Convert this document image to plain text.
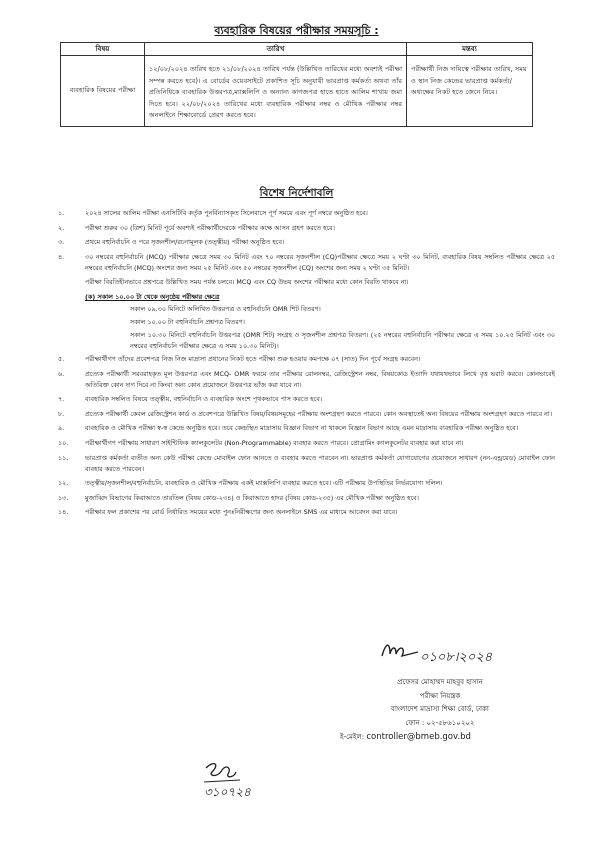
ব্যবহারিক বিষয়ের পরীক্ষার সময়সূচি :
বিষয়	তারিখ	মন্তব্য
ব্যবহারিক বিষয়ের পরীক্ষা	১২/০৮/২০২৪ তারিখ হতে ২১/০৮/২০২৪ তারিখ পর্যন্ত (উল্লিখিত তারিখের মধ্যে অবশ্যই পরীক্ষা সম্পন্ন করতে হবে)। এ বোর্ডের ওয়েবসাইটে প্রকাশিত সূচি অনুযায়ী ভারপ্রাপ্ত কর্মকর্তা অথবা তাঁর প্রতিনিধিকে ব্যবহারিক উত্তরপত্র,ম্যাক্সলিপি ও অন্যান্য কাগজপত্র হাতে হাতে আলিম শাখায় জমা দিতে হবে। ২২/০৮/২০২৪ তারিখের মধ্যে ব্যবহারিক পরীক্ষার নম্বর ও মৌখিক পরীক্ষার নম্বর অনলাইনে শিক্ষাবোর্ডে প্রেরণ করতে হবে।	পরীক্ষার্থী নিজ দায়িত্বে পরীক্ষার তারিখ, সময় ও স্থান নিজ কেন্দ্রের ভারপ্রাপ্ত কর্মকর্তা/অধ্যক্ষের নিকট হতে জেনে নিবে।
বিশেষ নির্দেশাবলি
১.	২০২৪ সালের আলিম পরীক্ষা এনসিটিবি কর্তৃক পুনর্বিন্যাসকৃত সিলেবাসে পূর্ণ সময়ে এবং পূর্ণ নম্বরে অনুষ্ঠিত হবে।
২.	পরীক্ষা শুরুর ৩০ (ত্রিশ) মিনিট পূর্বে অবশ্যই পরীক্ষার্থীদেরকে পরীক্ষার কক্ষে আসন গ্রহণ করতে হবে।
৩.	প্রথমে বহুনির্বাচনি ও পরে সৃজনশীল/রচনামূলক (তত্ত্বীয়) পরীক্ষা অনুষ্ঠিত হবে।
৪.	৩০ নম্বরের বহুনির্বাচনি (MCQ) পরীক্ষার ক্ষেত্রে সময় ৩০ মিনিট এবং ৭০ নম্বরের সৃজনশীল (CQ)পরীক্ষার ক্ষেত্রে সময় ২ ঘণ্টা ৩০ মিনিট, ব্যবহারিক বিষয় সম্বলিত পরীক্ষার ক্ষেত্রে ২৫ নম্বরের বহুনির্বাচনি (MCQ) অংশের জন্য সময় ২৫ মিনিট এবং ৫০ নম্বরের সৃজনশীল (CQ) অংশের জন্য সময় ২ ঘণ্টা ৩৫ মিনিট।
পরীক্ষা বিরতিহীনভাবে প্রশ্নপত্রে উল্লিখিত সময় পর্যন্ত চলবে। MCQ এবং CQ উভয় অংশের পরীক্ষার মধ্যে কোন বিরতি থাকবে না।
(ক) সকাল ১০.০০ টা থেকে অনুষ্ঠেয় পরীক্ষার ক্ষেত্রে
সকাল ০৯.৩০ মিনিটে অলিখিত উত্তরপত্র ও বহুনির্বাচনি OMR শিট বিতরণ।
সকাল ১০.০০ টা বহুনির্বাচনি প্রশ্নপত্র বিতরণ।
সকাল ১০.৩০ মিনিটে বহুনির্বাচনি উত্তরপত্র (OMR শিট) সংগ্রহ ও সৃজনশীল প্রশ্নপত্র বিতরণ। (২৫ নম্বরের বহুনির্বাচনি পরীক্ষার ক্ষেত্রে এ সময় ১০.২৫ মিনিট এবং ৩০ নম্বরের বহুনির্বাচনি পরীক্ষার ক্ষেত্রে এ সময় ১০.৩০ মিনিট)।
৫.	পরীক্ষার্থীগণ তাঁদের প্রবেশপত্র নিজ নিজ মাদ্রাসা প্রধানের নিকট হতে পরীক্ষা শুরু হওয়ার কমপক্ষে ০৭ (সাত) দিন পূর্বে সংগ্রহ করবেন।
৬.	প্রত্যেক পরীক্ষার্থী সরবরাহকৃত মূল উত্তরপত্র এবং MCQ- OMR ফরমে তার পরীক্ষার রোলনম্বর, রেজিস্ট্রেশন নম্বর, বিষয়কোড ইত্যাদি যথাযথভাবে লিখে বৃত্ত ভরাট করবে। কোনভাবেই অতিরিক্ত কোন দাগ দিবে না কিংবা অন্য কোন প্রয়োজনে উত্তরপত্র ভাঁজ করা যাবে না।
৭.	ব্যবহারিক সম্বলিত বিষয়ে তত্ত্বীয়, বহুনির্বাচনি ও ব্যবহারিক অংশে পৃথকভাবে পাস করতে হবে।
৮.	প্রত্যেক পরীক্ষার্থী কেবল রেজিস্ট্রেশন কার্ড ও প্রবেশপত্রে উল্লিখিত বিষয়/বিষয়সমূহের পরীক্ষায় অংশগ্রহণ করতে পারবে। কোন অবস্থাতেই অন্য বিষয়ের পরীক্ষায় অংশগ্রহণ করতে পারবে না।
৯.	ব্যবহারিক ও মৌখিক পরীক্ষা স্ব-স্ব কেন্দ্রে অনুষ্ঠিত হবে। তবে কেন্দ্রস্থিত মাদ্রাসায় বিজ্ঞান বিভাগ না থাকলে বিজ্ঞান বিভাগ আছে এমন মাদ্রাসায় ব্যবহারিক পরীক্ষা অনুষ্ঠিত হবে।
১০.	পরীক্ষার্থীগণ পরীক্ষায় সাধারণ সাইন্টিফিক ক্যালকুলেটর (Non-Programmable) ব্যবহার করতে পারবে। প্রোগ্রামিং ক্যালকুলেটর ব্যবহার করা যাবে না।
১১.	ভারপ্রাপ্ত কর্মকর্তা ব্যতীত অন্য কেউ পরীক্ষা কেন্দ্রে মোবাইল ফোন আনতে ও ব্যবহার করতে পারবেন না। ভারপ্রাপ্ত কর্মকর্তা যোগাযোগের প্রয়োজনে সাধারণ (নন-এন্ড্রয়েড) মোবাইল ফোন ব্যবহার করতে পারবেন।
১২.	তত্ত্বীয়/সৃজনশীল/বহুনির্বাচনি, ব্যবহারিক ও মৌখিক পরীক্ষায় একই ম্যাক্সলিপি ব্যবহার করতে হবে। এটি পরীক্ষায় উপস্থিতির নির্ভরযোগ্য দলিল।
১৩.	মুজাব্বিদ বিভাগের কিরাআতে তারতিল (বিষয় কোড-২৩৪) ও কিরাআতে হাদর (বিষয় কোড-২৩৫) এর মৌখিক পরীক্ষা অনুষ্ঠিত হবে।
১৪.	পরীক্ষার ফল প্রকাশের পর বোর্ড নির্ধারিত সময়ের মধ্যে পুনঃনিরীক্ষণের জন্য অনলাইনে SMS এর মাধ্যমে আবেদন করা যাবে।
০১০৮।২০২৪
প্রফেসর মোহাম্মদ মাহবুব হাসান
পরীক্ষা নিয়ন্ত্রক
বাংলাদেশ মাদ্রাসা শিক্ষা বোর্ড, ঢাকা
ফোন : ০২-৫৮৬১০২০২
ই-মেইল: controller@bmeb.gov.bd
৩১০৭২৪
